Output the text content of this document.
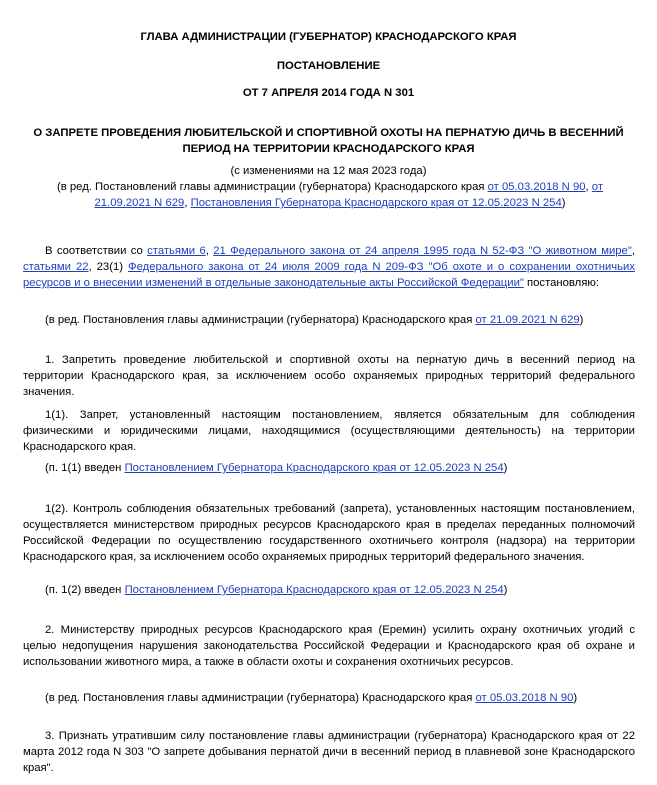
ГЛАВА АДМИНИСТРАЦИИ (ГУБЕРНАТОР) КРАСНОДАРСКОГО КРАЯ

ПОСТАНОВЛЕНИЕ

ОТ 7 АПРЕЛЯ 2014 ГОДА N 301

О ЗАПРЕТЕ ПРОВЕДЕНИЯ ЛЮБИТЕЛЬСКОЙ И СПОРТИВНОЙ ОХОТЫ НА ПЕРНАТУЮ ДИЧЬ В ВЕСЕННИЙ
ПЕРИОД НА ТЕРРИТОРИИ КРАСНОДАРСКОГО КРАЯ

(с изменениями на 12 мая 2023 года)

(в ред. Постановлений главы администрации (губернатора) Краснодарского края от 05.03.2018 N 90, от 21.09.2021 N 629, Постановления Губернатора Краснодарского края от 12.05.2023 N 254)

В соответствии со статьями 6, 21 Федерального закона от 24 апреля 1995 года N 52-ФЗ "О животном мире", статьями 22, 23(1) Федерального закона от 24 июля 2009 года N 209-ФЗ "Об охоте и о сохранении охотничьих ресурсов и о внесении изменений в отдельные законодательные акты Российской Федерации" постановляю:

(в ред. Постановления главы администрации (губернатора) Краснодарского края от 21.09.2021 N 629)

1. Запретить проведение любительской и спортивной охоты на пернатую дичь в весенний период на территории Краснодарского края, за исключением особо охраняемых природных территорий федерального значения.

1(1). Запрет, установленный настоящим постановлением, является обязательным для соблюдения физическими и юридическими лицами, находящимися (осуществляющими деятельность) на территории Краснодарского края.

(п. 1(1) введен Постановлением Губернатора Краснодарского края от 12.05.2023 N 254)

1(2). Контроль соблюдения обязательных требований (запрета), установленных настоящим постановлением, осуществляется министерством природных ресурсов Краснодарского края в пределах переданных полномочий Российской Федерации по осуществлению государственного охотничьего контроля (надзора) на территории Краснодарского края, за исключением особо охраняемых природных территорий федерального значения.

(п. 1(2) введен Постановлением Губернатора Краснодарского края от 12.05.2023 N 254)

2. Министерству природных ресурсов Краснодарского края (Еремин) усилить охрану охотничьих угодий с целью недопущения нарушения законодательства Российской Федерации и Краснодарского края об охране и использовании животного мира, а также в области охоты и сохранения охотничьих ресурсов.

(в ред. Постановления главы администрации (губернатора) Краснодарского края от 05.03.2018 N 90)

3. Признать утратившим силу постановление главы администрации (губернатора) Краснодарского края от 22 марта 2012 года N 303 "О запрете добывания пернатой дичи в весенний период в плавневой зоне Краснодарского края".
